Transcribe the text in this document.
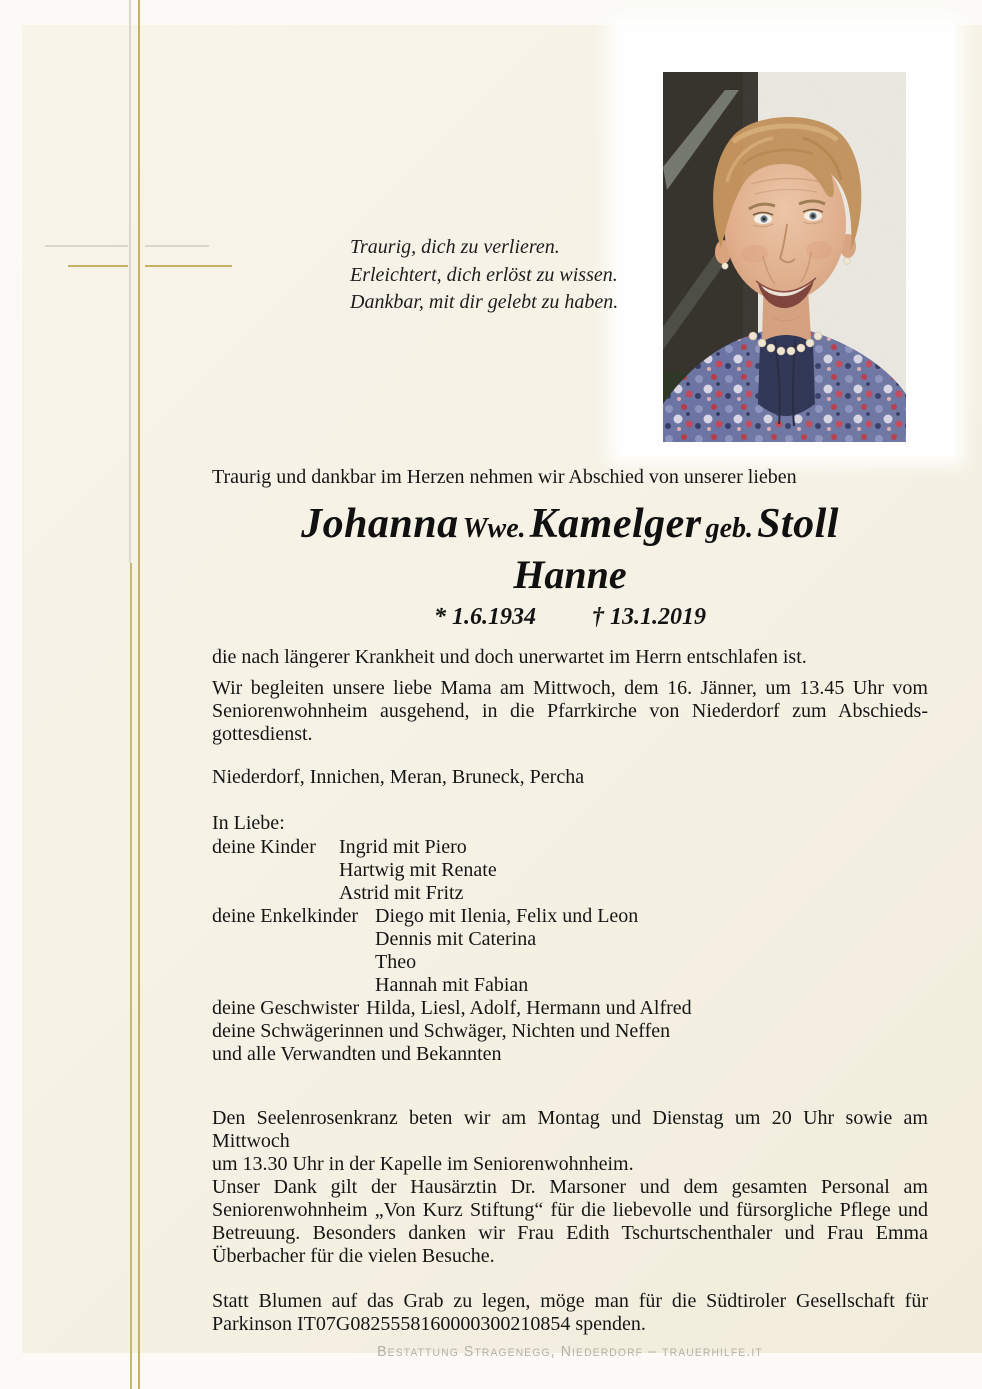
Traurig, dich zu verlieren.
Erleichtert, dich erlöst zu wissen.
Dankbar, mit dir gelebt zu haben.
Traurig und dankbar im Herzen nehmen wir Abschied von unserer lieben
Johanna Wwe. Kamelger geb. Stoll
Hanne
* 1.6.1934 † 13.1.2019
die nach längerer Krankheit und doch unerwartet im Herrn entschlafen ist.
Wir begleiten unsere liebe Mama am Mittwoch, dem 16. Jänner, um 13.45 Uhr vom
Seniorenwohnheim ausgehend, in die Pfarrkirche von Niederdorf zum Abschieds-
gottesdienst.
Niederdorf, Innichen, Meran, Bruneck, Percha
In Liebe:
deine Kinder Ingrid mit Piero
Hartwig mit Renate
Astrid mit Fritz
deine Enkelkinder Diego mit Ilenia, Felix und Leon
Dennis mit Caterina
Theo
Hannah mit Fabian
deine Geschwister Hilda, Liesl, Adolf, Hermann und Alfred
deine Schwägerinnen und Schwäger, Nichten und Neffen
und alle Verwandten und Bekannten
Den Seelenrosenkranz beten wir am Montag und Dienstag um 20 Uhr sowie am Mittwoch
um 13.30 Uhr in der Kapelle im Seniorenwohnheim.
Unser Dank gilt der Hausärztin Dr. Marsoner und dem gesamten Personal am
Seniorenwohnheim „Von Kurz Stiftung“ für die liebevolle und fürsorgliche Pflege und
Betreuung. Besonders danken wir Frau Edith Tschurtschenthaler und Frau Emma
Überbacher für die vielen Besuche.
Statt Blumen auf das Grab zu legen, möge man für die Südtiroler Gesellschaft für
Parkinson IT07G0825558160000300210854 spenden.
Bestattung Stragenegg, Niederdorf – trauerhilfe.it
